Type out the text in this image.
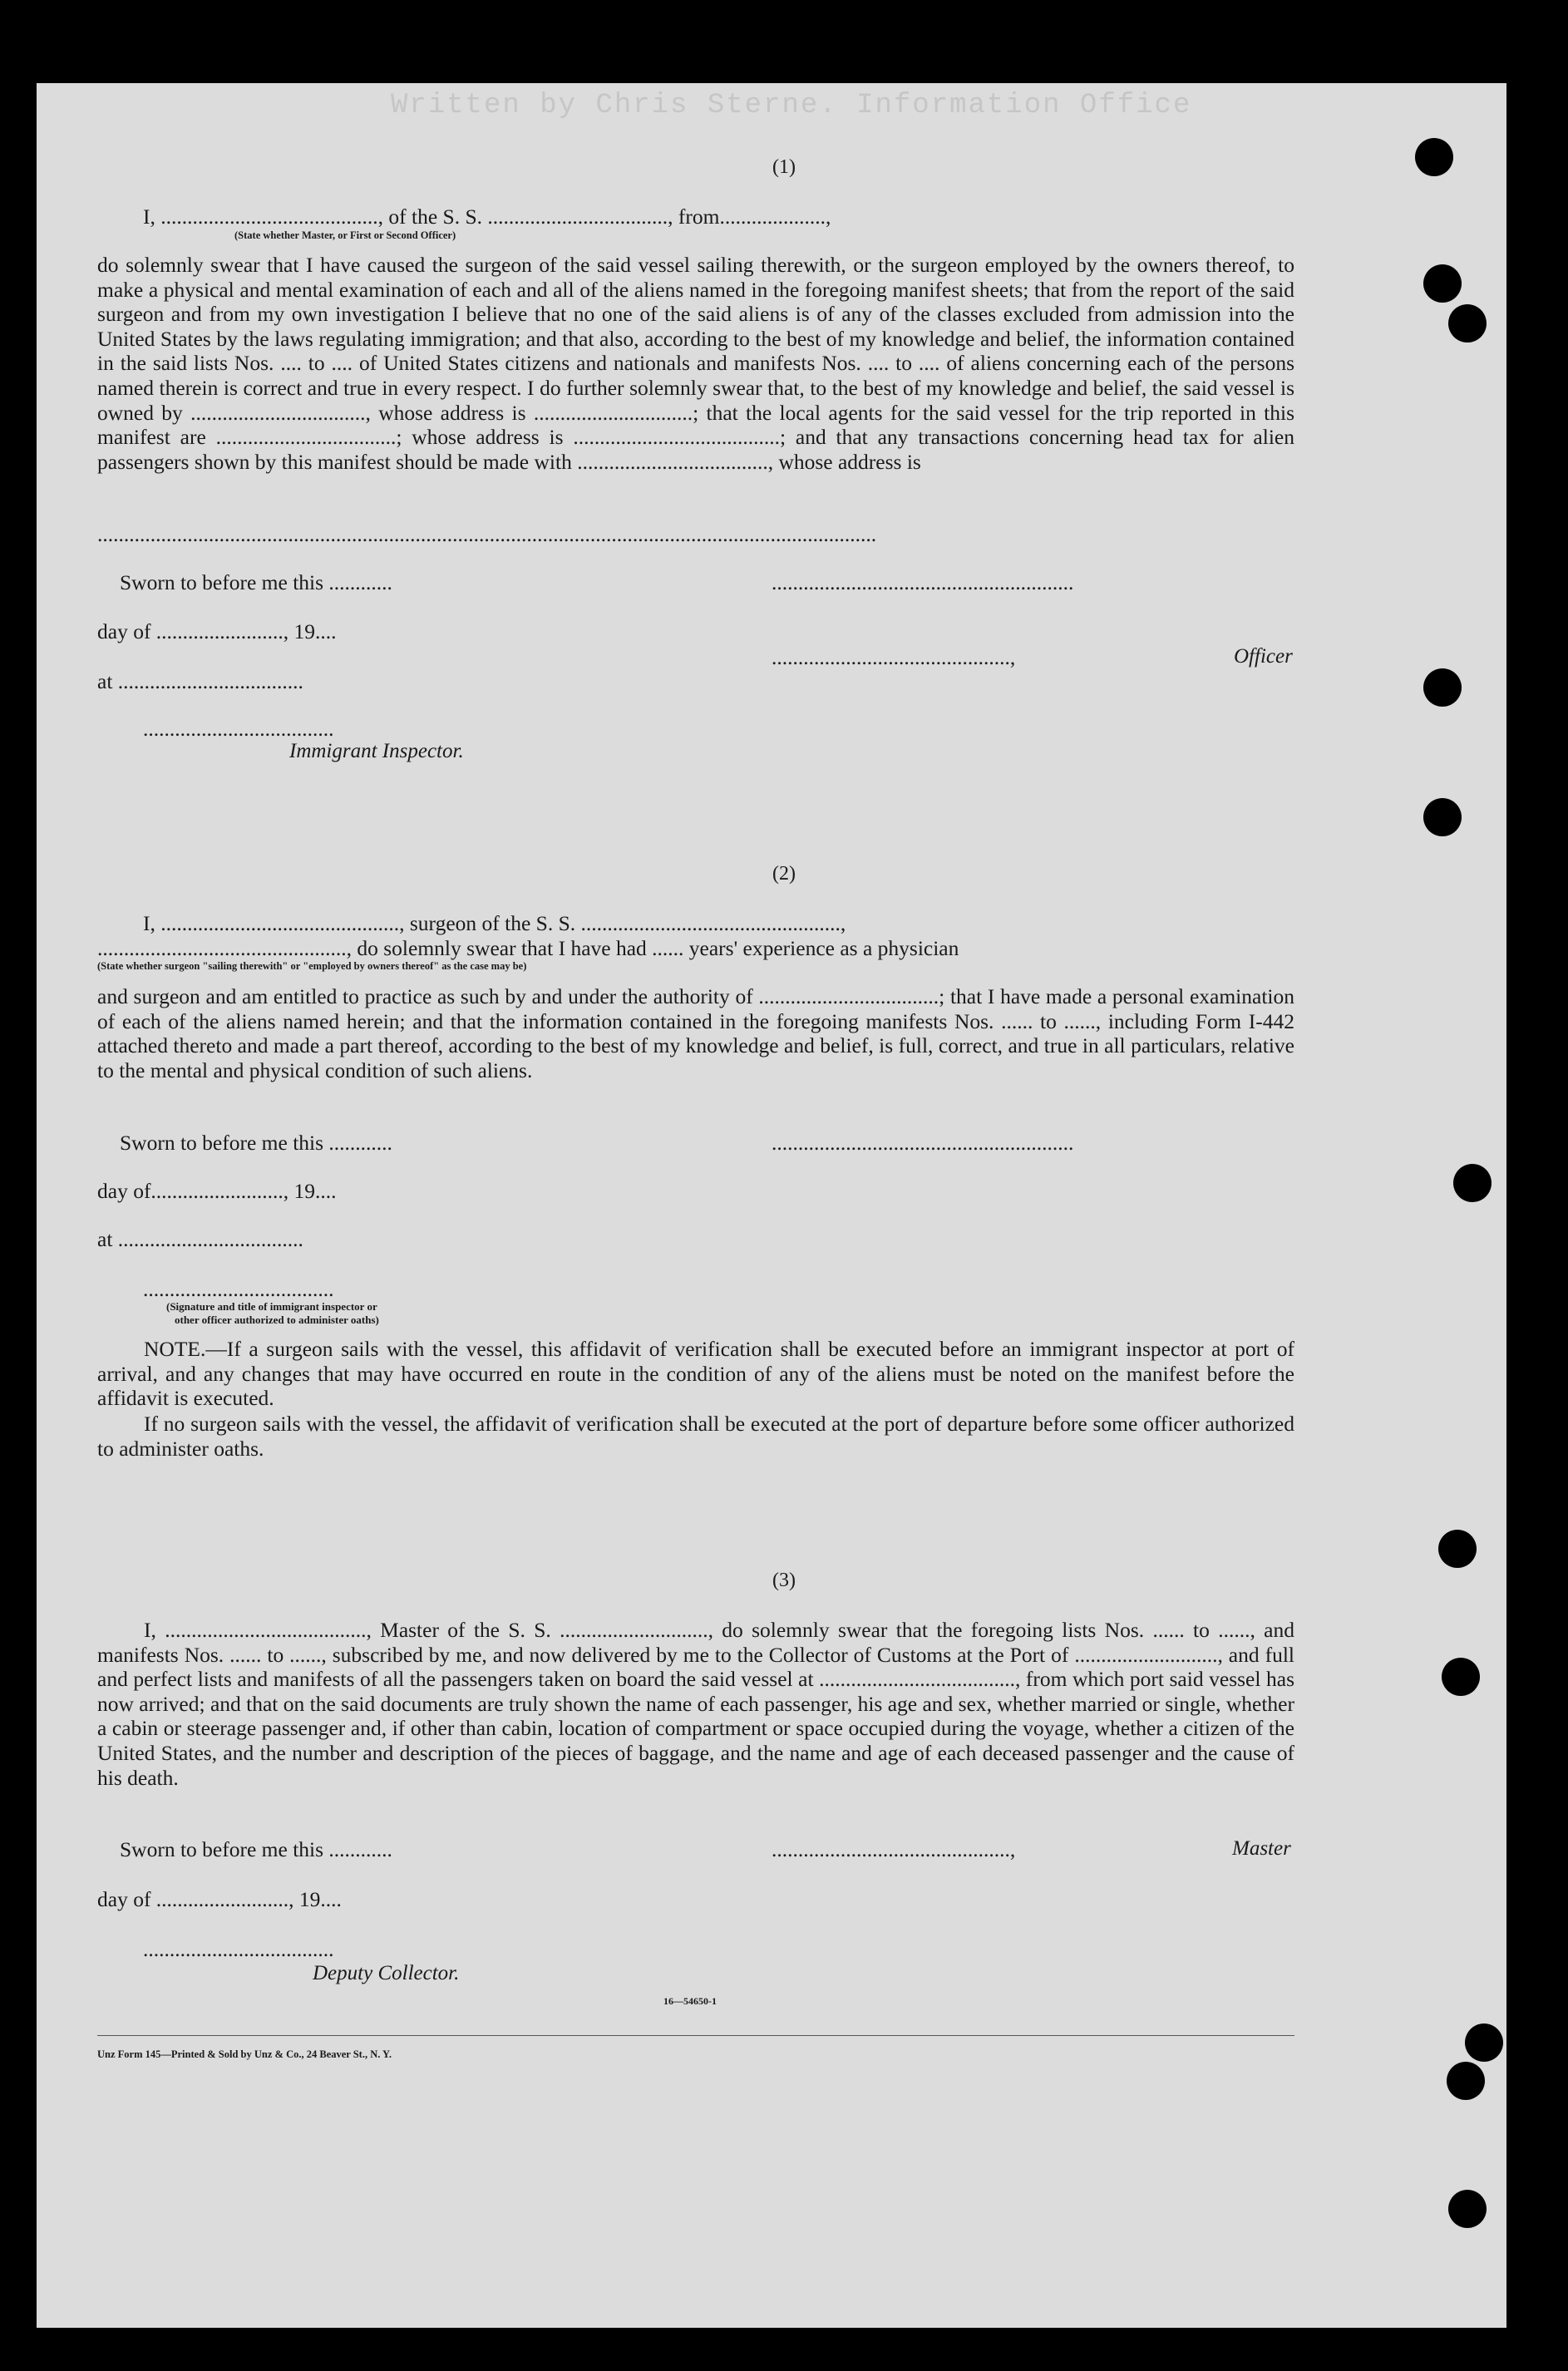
Written by Chris Sterne. Information Office
(1)
I, ........................................., of the S. S. .................................., from....................,
(State whether Master, or First or Second Officer)
do solemnly swear that I have caused the surgeon of the said vessel sailing therewith, or the surgeon employed by the owners thereof, to make a physical and mental examination of each and all of the aliens named in the foregoing manifest sheets; that from the report of the said surgeon and from my own investigation I believe that no one of the said aliens is of any of the classes excluded from admission into the United States by the laws regulating immigration; and that also, according to the best of my knowledge and belief, the information contained in the said lists Nos. .... to .... of United States citizens and nationals and manifests Nos. .... to .... of aliens concerning each of the persons named therein is correct and true in every respect. I do further solemnly swear that, to the best of my knowledge and belief, the said vessel is owned by ................................., whose address is ..............................; that the local agents for the said vessel for the trip reported in this manifest are ..................................; whose address is .......................................; and that any transactions concerning head tax for alien passengers shown by this manifest should be made with ...................................., whose address is
...................................................................................................................................................
Sworn to before me this ............	.........................................................
day of ........................, 19....
.............................................,	Officer
at ...................................
....................................
Immigrant Inspector.
(2)
I, ............................................., surgeon of the S. S. .................................................,
..............................................., do solemnly swear that I have had ...... years' experience as a physician
(State whether surgeon "sailing therewith" or "employed by owners thereof" as the case may be)
and surgeon and am entitled to practice as such by and under the authority of ..................................; that I have made a personal examination of each of the aliens named herein; and that the information contained in the foregoing manifests Nos. ...... to ......, including Form I-442 attached thereto and made a part thereof, according to the best of my knowledge and belief, is full, correct, and true in all particulars, relative to the mental and physical condition of such aliens.
Sworn to before me this ............	.........................................................
day of........................., 19....
at ...................................
....................................
(Signature and title of immigrant inspector or
other officer authorized to administer oaths)
NOTE.—If a surgeon sails with the vessel, this affidavit of verification shall be executed before an immigrant inspector at port of arrival, and any changes that may have occurred en route in the condition of any of the aliens must be noted on the manifest before the affidavit is executed.
If no surgeon sails with the vessel, the affidavit of verification shall be executed at the port of departure before some officer authorized to administer oaths.
(3)
I, ......................................, Master of the S. S. ............................, do solemnly swear that the foregoing lists Nos. ...... to ......, and manifests Nos. ...... to ......, subscribed by me, and now delivered by me to the Collector of Customs at the Port of ..........................., and full and perfect lists and manifests of all the passengers taken on board the said vessel at ....................................., from which port said vessel has now arrived; and that on the said documents are truly shown the name of each passenger, his age and sex, whether married or single, whether a cabin or steerage passenger and, if other than cabin, location of compartment or space occupied during the voyage, whether a citizen of the United States, and the number and description of the pieces of baggage, and the name and age of each deceased passenger and the cause of his death.
Sworn to before me this ............	.............................................,	Master
day of ........................., 19....
....................................
Deputy Collector.
16—54650-1
Unz Form 145—Printed & Sold by Unz & Co., 24 Beaver St., N. Y.
